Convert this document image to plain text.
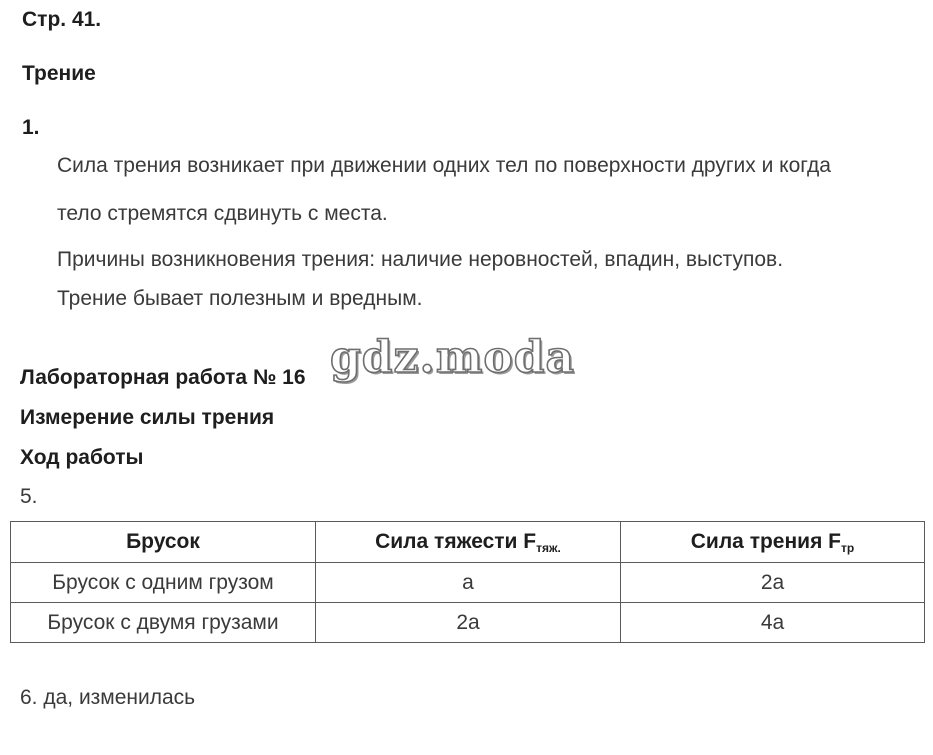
Стр. 41.
Трение
1.
Сила трения возникает при движении одних тел по поверхности других и когда
тело стремятся сдвинуть с места.
Причины возникновения трения: наличие неровностей, впадин, выступов.
Трение бывает полезным и вредным.
Лабораторная работа № 16 gdz.moda
Измерение силы трения
Ход работы
5.
Брусок	Сила тяжести Fтяж.	Сила трения Fтр
Брусок с одним грузом	a	2a
Брусок с двумя грузами	2a	4a
6. да, изменилась
